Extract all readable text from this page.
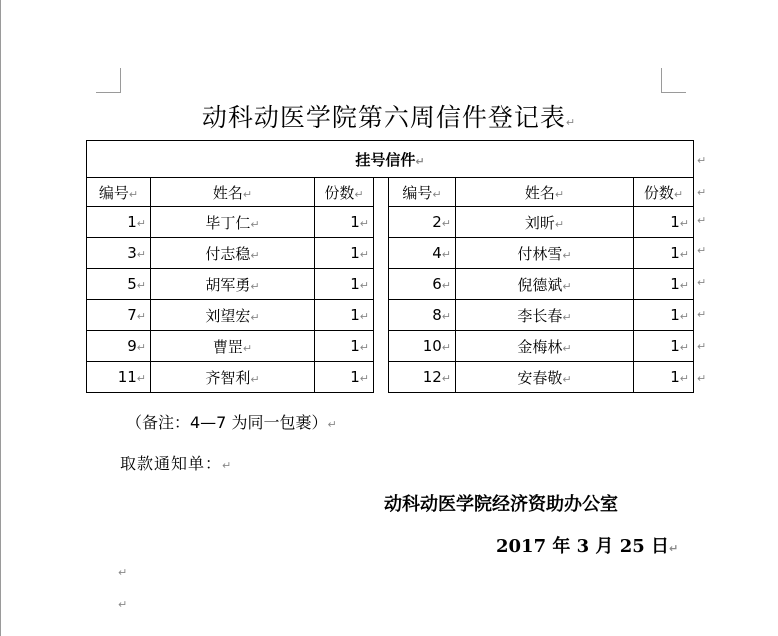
动科动医学院第六周信件登记表↵
挂号信件↵						
编号↵	姓名↵	份数↵		编号↵	姓名↵	份数↵
1↵	毕丁仁↵	1↵		2↵	刘昕↵	1↵
3↵	付志稳↵	1↵		4↵	付林雪↵	1↵
5↵	胡军勇↵	1↵		6↵	倪德斌↵	1↵
7↵	刘望宏↵	1↵		8↵	李长春↵	1↵
9↵	曹罡↵	1↵		10↵	金梅林↵	1↵
11↵	齐智利↵	1↵		12↵	安春敬↵	1↵
↵
↵
↵
↵
↵
↵
↵
↵
（备注：4—7 为同一包裹）↵
取款通知单：↵
动科动医学院经济资助办公室
2017 年 3 月 25 日↵
↵
↵
